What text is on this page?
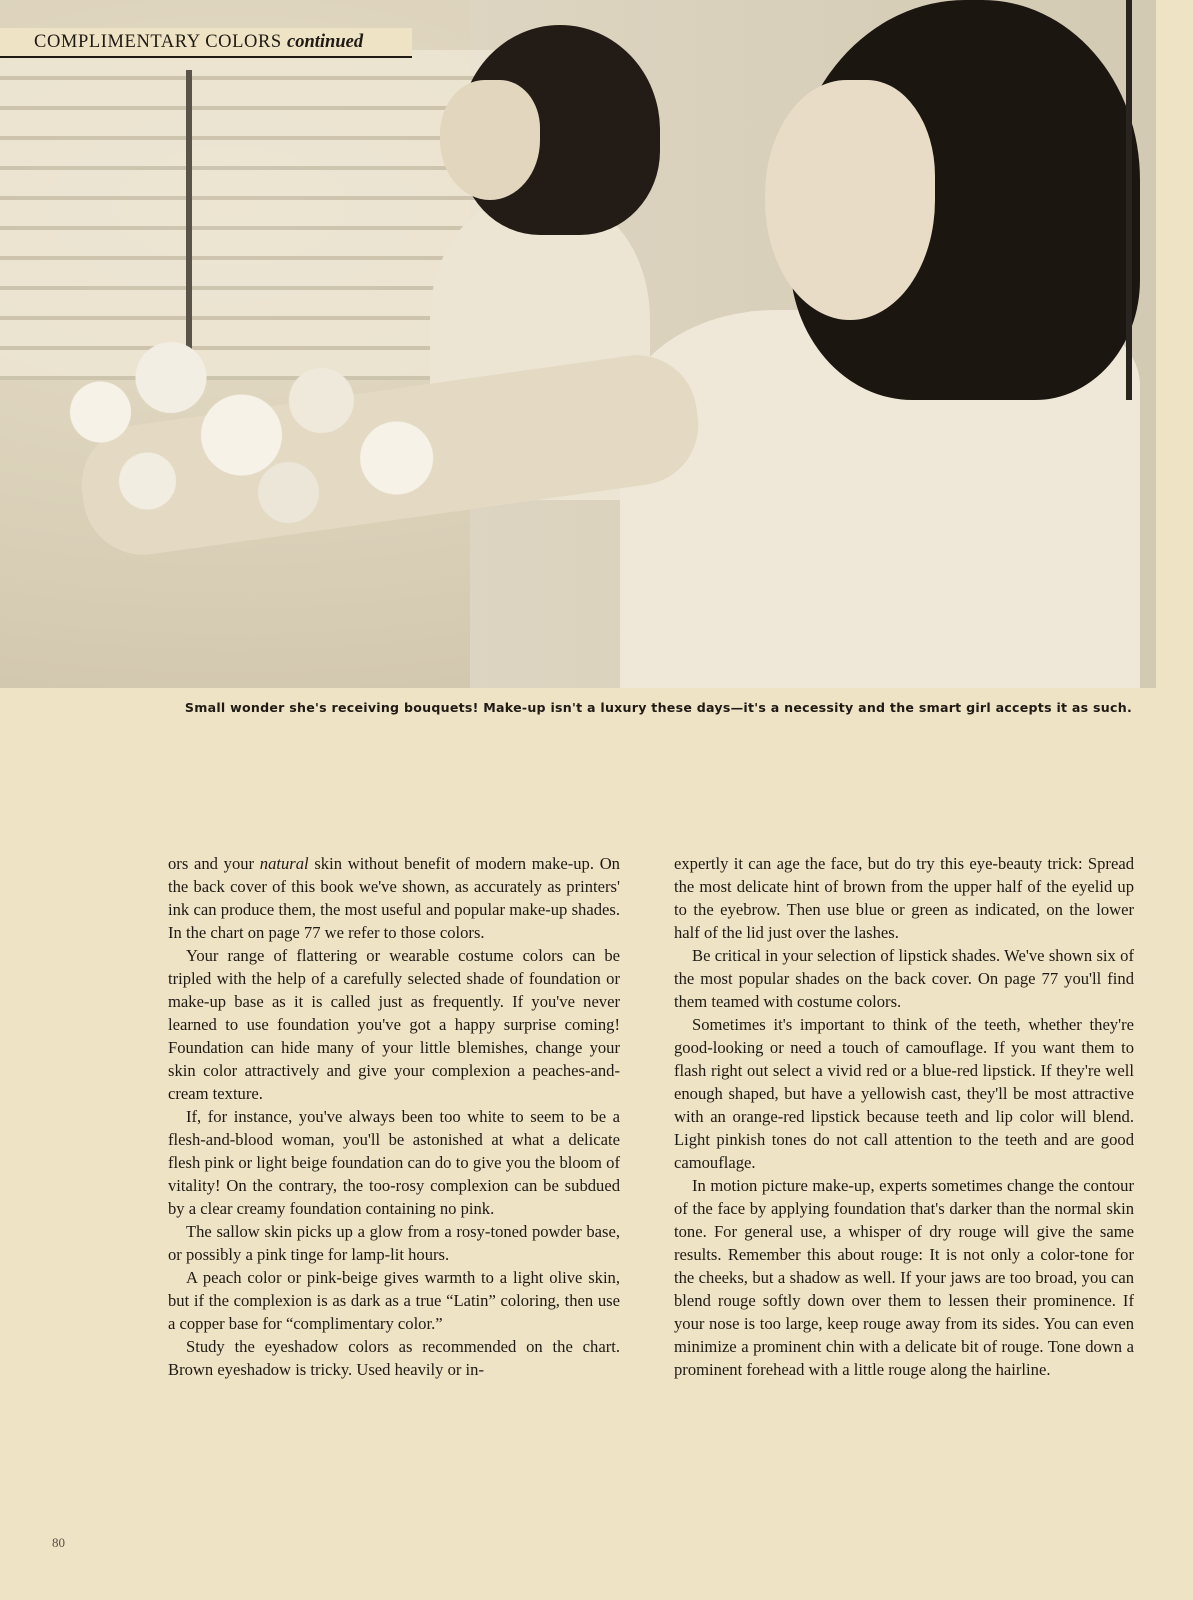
COMPLIMENTARY COLORS continued
Small wonder she's receiving bouquets! Make-up isn't a luxury these days—it's a necessity and the smart girl accepts it as such.

ors and your natural skin without benefit of modern make-up. On the back cover of this book we've shown, as accurately as printers' ink can produce them, the most useful and popular make-up shades. In the chart on page 77 we refer to those colors.

Your range of flattering or wearable costume colors can be tripled with the help of a carefully selected shade of foundation or make-up base as it is called just as frequently. If you've never learned to use foundation you've got a happy surprise coming! Foundation can hide many of your little blemishes, change your skin color attractively and give your complexion a peaches-and-cream texture.

If, for instance, you've always been too white to seem to be a flesh-and-blood woman, you'll be astonished at what a delicate flesh pink or light beige foundation can do to give you the bloom of vitality! On the contrary, the too-rosy complexion can be subdued by a clear creamy foundation containing no pink.

The sallow skin picks up a glow from a rosy-toned powder base, or possibly a pink tinge for lamp-lit hours.

A peach color or pink-beige gives warmth to a light olive skin, but if the complexion is as dark as a true “Latin” coloring, then use a copper base for “complimentary color.”

Study the eyeshadow colors as recommended on the chart. Brown eyeshadow is tricky. Used heavily or in-

expertly it can age the face, but do try this eye-beauty trick: Spread the most delicate hint of brown from the upper half of the eyelid up to the eyebrow. Then use blue or green as indicated, on the lower half of the lid just over the lashes.

Be critical in your selection of lipstick shades. We've shown six of the most popular shades on the back cover. On page 77 you'll find them teamed with costume colors.

Sometimes it's important to think of the teeth, whether they're good-looking or need a touch of camouflage. If you want them to flash right out select a vivid red or a blue-red lipstick. If they're well enough shaped, but have a yellowish cast, they'll be most attractive with an orange-red lipstick because teeth and lip color will blend. Light pinkish tones do not call attention to the teeth and are good camouflage.

In motion picture make-up, experts sometimes change the contour of the face by applying foundation that's darker than the normal skin tone. For general use, a whisper of dry rouge will give the same results. Remember this about rouge: It is not only a color-tone for the cheeks, but a shadow as well. If your jaws are too broad, you can blend rouge softly down over them to lessen their prominence. If your nose is too large, keep rouge away from its sides. You can even minimize a prominent chin with a delicate bit of rouge. Tone down a prominent forehead with a little rouge along the hairline.

80
